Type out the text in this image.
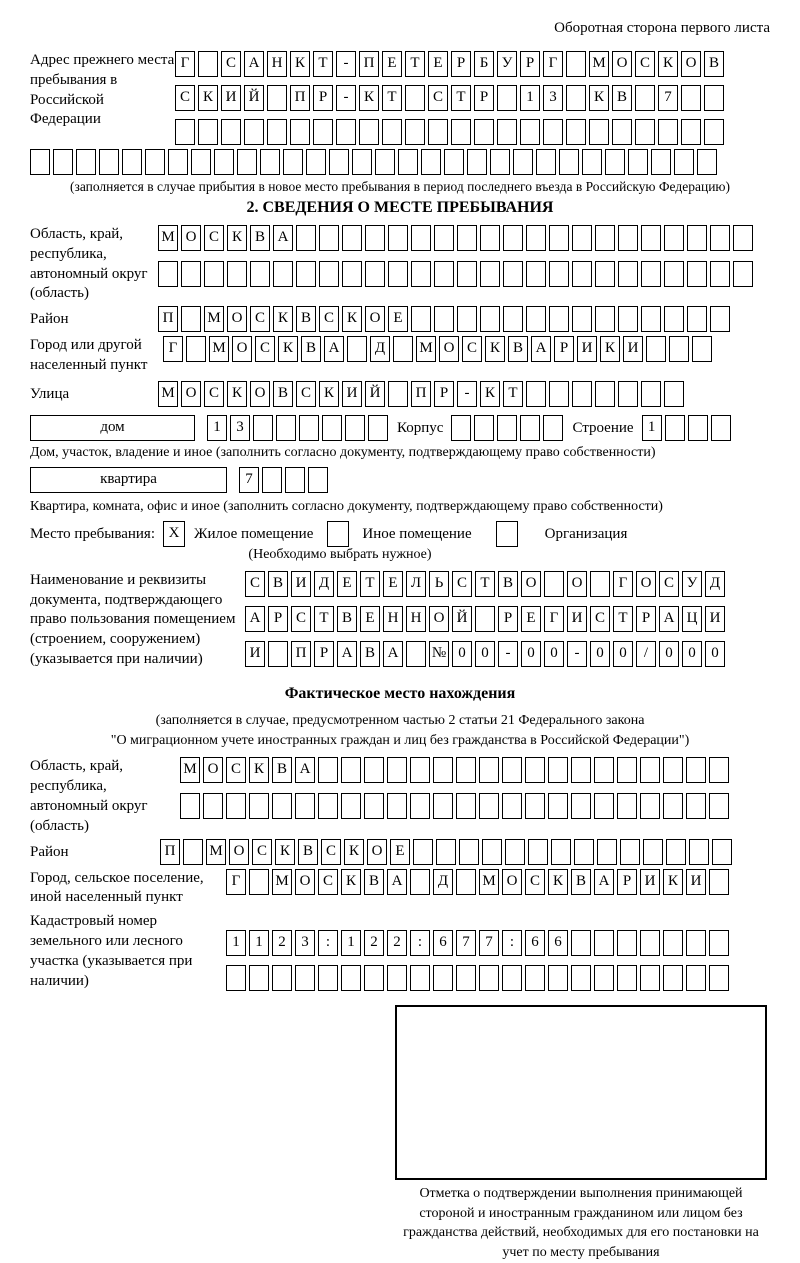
Оборотная сторона первого листа
Адрес прежнего места пребывания в Российской Федерации
Г С А Н К Т - П Е Т Е Р Б У Р Г М О С К О В
С К И Й П Р - К Т С Т Р	1 3 К В 7
(заполняется в случае прибытия в новое место пребывания в период последнего въезда в Российскую Федерацию)
2. СВЕДЕНИЯ О МЕСТЕ ПРЕБЫВАНИЯ
Область, край, республика, автономный округ (область)
М О С К В А
Район	П М О С К В С К О Е
Город или другой населенный пункт
Г М О С К В А Д М О С К В А Р И К И
Улица	М О С К О В С К И Й П Р - К Т
дом	1 3	Корпус	Строение 1
Дом, участок, владение и иное (заполнить согласно документу, подтверждающему право собственности)
квартира	7
Квартира, комната, офис и иное (заполнить согласно документу, подтверждающему право собственности)
Место пребывания: X Жилое помещение	Иное помещение	Организация
(Необходимо выбрать нужное)
Наименование и реквизиты документа, подтверждающего право пользования помещением (строением, сооружением) (указывается при наличии)
С В И Д Е Т Е Л Ь С Т В О О Г О С У Д
А Р С Т В Е Н Н О Й Р Е Г И С Т Р А Ц И
И П Р А В А № 0 0 - 0 0 - 0 0 / 0 0 0
Фактическое место нахождения
(заполняется в случае, предусмотренном частью 2 статьи 21 Федерального закона
"О миграционном учете иностранных граждан и лиц без гражданства в Российской Федерации")
Область, край, республика, автономный округ (область)
М О С К В А
Район	П М О С К В С К О Е
Город, сельское поселение, иной населенный пункт
Г М О С К В А Д М О С К В А Р И К И
Кадастровый номер земельного или лесного участка (указывается при наличии)
1 1 2 3 : 1 2 2 : 6 7 7 : 6 6
Отметка о подтверждении выполнения принимающей стороной и иностранным гражданином или лицом без гражданства действий, необходимых для его постановки на учет по месту пребывания
